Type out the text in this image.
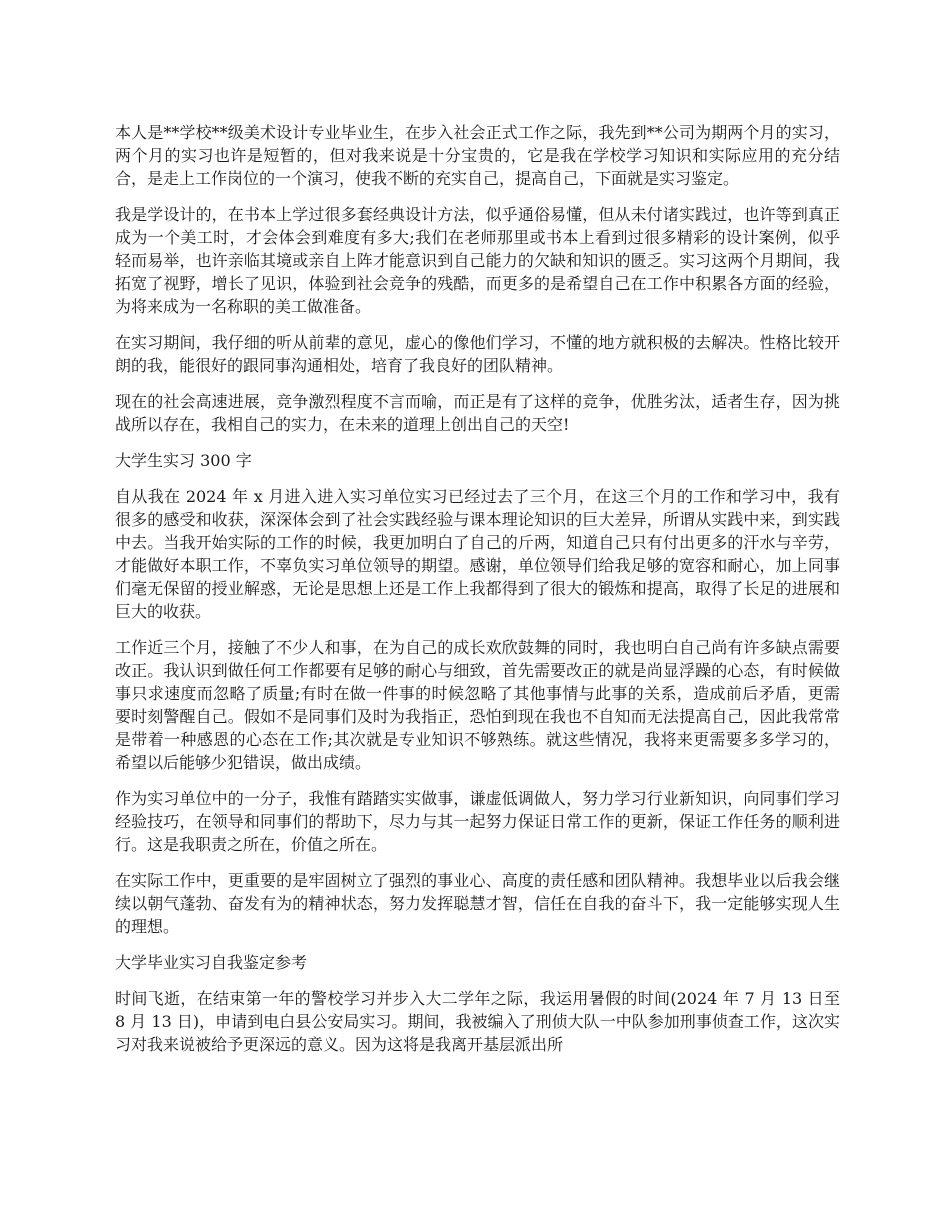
本人是**学校**级美术设计专业毕业生，在步入社会正式工作之际，我先到**公司为期两个月的实习，两个月的实习也许是短暂的，但对我来说是十分宝贵的，它是我在学校学习知识和实际应用的充分结合，是走上工作岗位的一个演习，使我不断的充实自己，提高自己，下面就是实习鉴定。

我是学设计的，在书本上学过很多套经典设计方法，似乎通俗易懂，但从未付诸实践过，也许等到真正成为一个美工时，才会体会到难度有多大;我们在老师那里或书本上看到过很多精彩的设计案例，似乎轻而易举，也许亲临其境或亲自上阵才能意识到自己能力的欠缺和知识的匮乏。实习这两个月期间，我拓宽了视野，增长了见识，体验到社会竞争的残酷，而更多的是希望自己在工作中积累各方面的经验，为将来成为一名称职的美工做准备。

在实习期间，我仔细的听从前辈的意见，虚心的像他们学习，不懂的地方就积极的去解决。性格比较开朗的我，能很好的跟同事沟通相处，培育了我良好的团队精神。

现在的社会高速进展，竞争激烈程度不言而喻，而正是有了这样的竞争，优胜劣汰，适者生存，因为挑战所以存在，我相自己的实力，在未来的道理上创出自己的天空!

大学生实习 300 字

自从我在 2024 年 x 月进入进入实习单位实习已经过去了三个月，在这三个月的工作和学习中，我有很多的感受和收获，深深体会到了社会实践经验与课本理论知识的巨大差异，所谓从实践中来，到实践中去。当我开始实际的工作的时候，我更加明白了自己的斤两，知道自己只有付出更多的汗水与辛劳，才能做好本职工作，不辜负实习单位领导的期望。感谢，单位领导们给我足够的宽容和耐心，加上同事们毫无保留的授业解惑，无论是思想上还是工作上我都得到了很大的锻炼和提高，取得了长足的进展和巨大的收获。

工作近三个月，接触了不少人和事，在为自己的成长欢欣鼓舞的同时，我也明白自己尚有许多缺点需要改正。我认识到做任何工作都要有足够的耐心与细致，首先需要改正的就是尚显浮躁的心态，有时候做事只求速度而忽略了质量;有时在做一件事的时候忽略了其他事情与此事的关系，造成前后矛盾，更需要时刻警醒自己。假如不是同事们及时为我指正，恐怕到现在我也不自知而无法提高自己，因此我常常是带着一种感恩的心态在工作;其次就是专业知识不够熟练。就这些情况，我将来更需要多多学习的，希望以后能够少犯错误，做出成绩。

作为实习单位中的一分子，我惟有踏踏实实做事，谦虚低调做人，努力学习行业新知识，向同事们学习经验技巧，在领导和同事们的帮助下，尽力与其一起努力保证日常工作的更新，保证工作任务的顺利进行。这是我职责之所在，价值之所在。

在实际工作中，更重要的是牢固树立了强烈的事业心、高度的责任感和团队精神。我想毕业以后我会继续以朝气蓬勃、奋发有为的精神状态，努力发挥聪慧才智，信任在自我的奋斗下，我一定能够实现人生的理想。

大学毕业实习自我鉴定参考

时间飞逝，在结束第一年的警校学习并步入大二学年之际，我运用暑假的时间(2024 年 7 月 13 日至 8 月 13 日)，申请到电白县公安局实习。期间，我被编入了刑侦大队一中队参加刑事侦查工作，这次实习对我来说被给予更深远的意义。因为这将是我离开基层派出所
